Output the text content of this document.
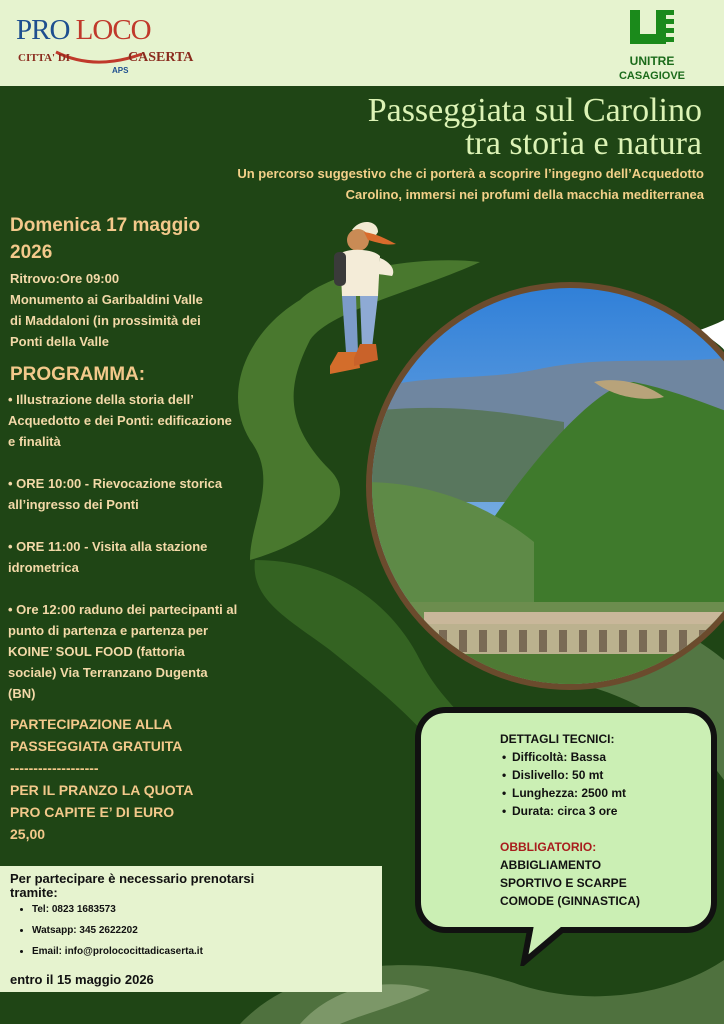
PRO LOCO
CITTA' DI	CASERTA
APS
UNITRE
CASAGIOVE
Passeggiata sul Carolino
tra storia e natura
Un percorso suggestivo che ci porterà a scoprire l’ingegno dell’Acquedotto
Carolino, immersi nei profumi della macchia mediterranea
Domenica 17 maggio
2026
Ritrovo:Ore 09:00
Monumento ai Garibaldini Valle
di Maddaloni (in prossimità dei
Ponti della Valle
PROGRAMMA:

• Illustrazione della storia dell’
Acquedotto e dei Ponti: edificazione
e finalità

• ORE 10:00 - Rievocazione storica
all’ingresso dei Ponti

• ORE 11:00 - Visita alla stazione
idrometrica

• Ore 12:00 raduno dei partecipanti al
punto di partenza e partenza per
KOINE’ SOUL FOOD (fattoria
sociale) Via Terranzano Dugenta
(BN)

PARTECIPAZIONE ALLA
PASSEGGIATA GRATUITA
-------------------
PER IL PRANZO LA QUOTA
PRO CAPITE E’ DI EURO
25,00
Per partecipare è necessario prenotarsi
tramite:
• Tel: 0823 1683573
• Watsapp: 345 2622202
• Email: info@prolococittadicaserta.it
entro il 15 maggio 2026
DETTAGLI TECNICI:
• Difficoltà: Bassa
• Dislivello: 50 mt
• Lunghezza: 2500 mt
• Durata: circa 3 ore
OBBLIGATORIO:
ABBIGLIAMENTO
SPORTIVO E SCARPE
COMODE (GINNASTICA)
